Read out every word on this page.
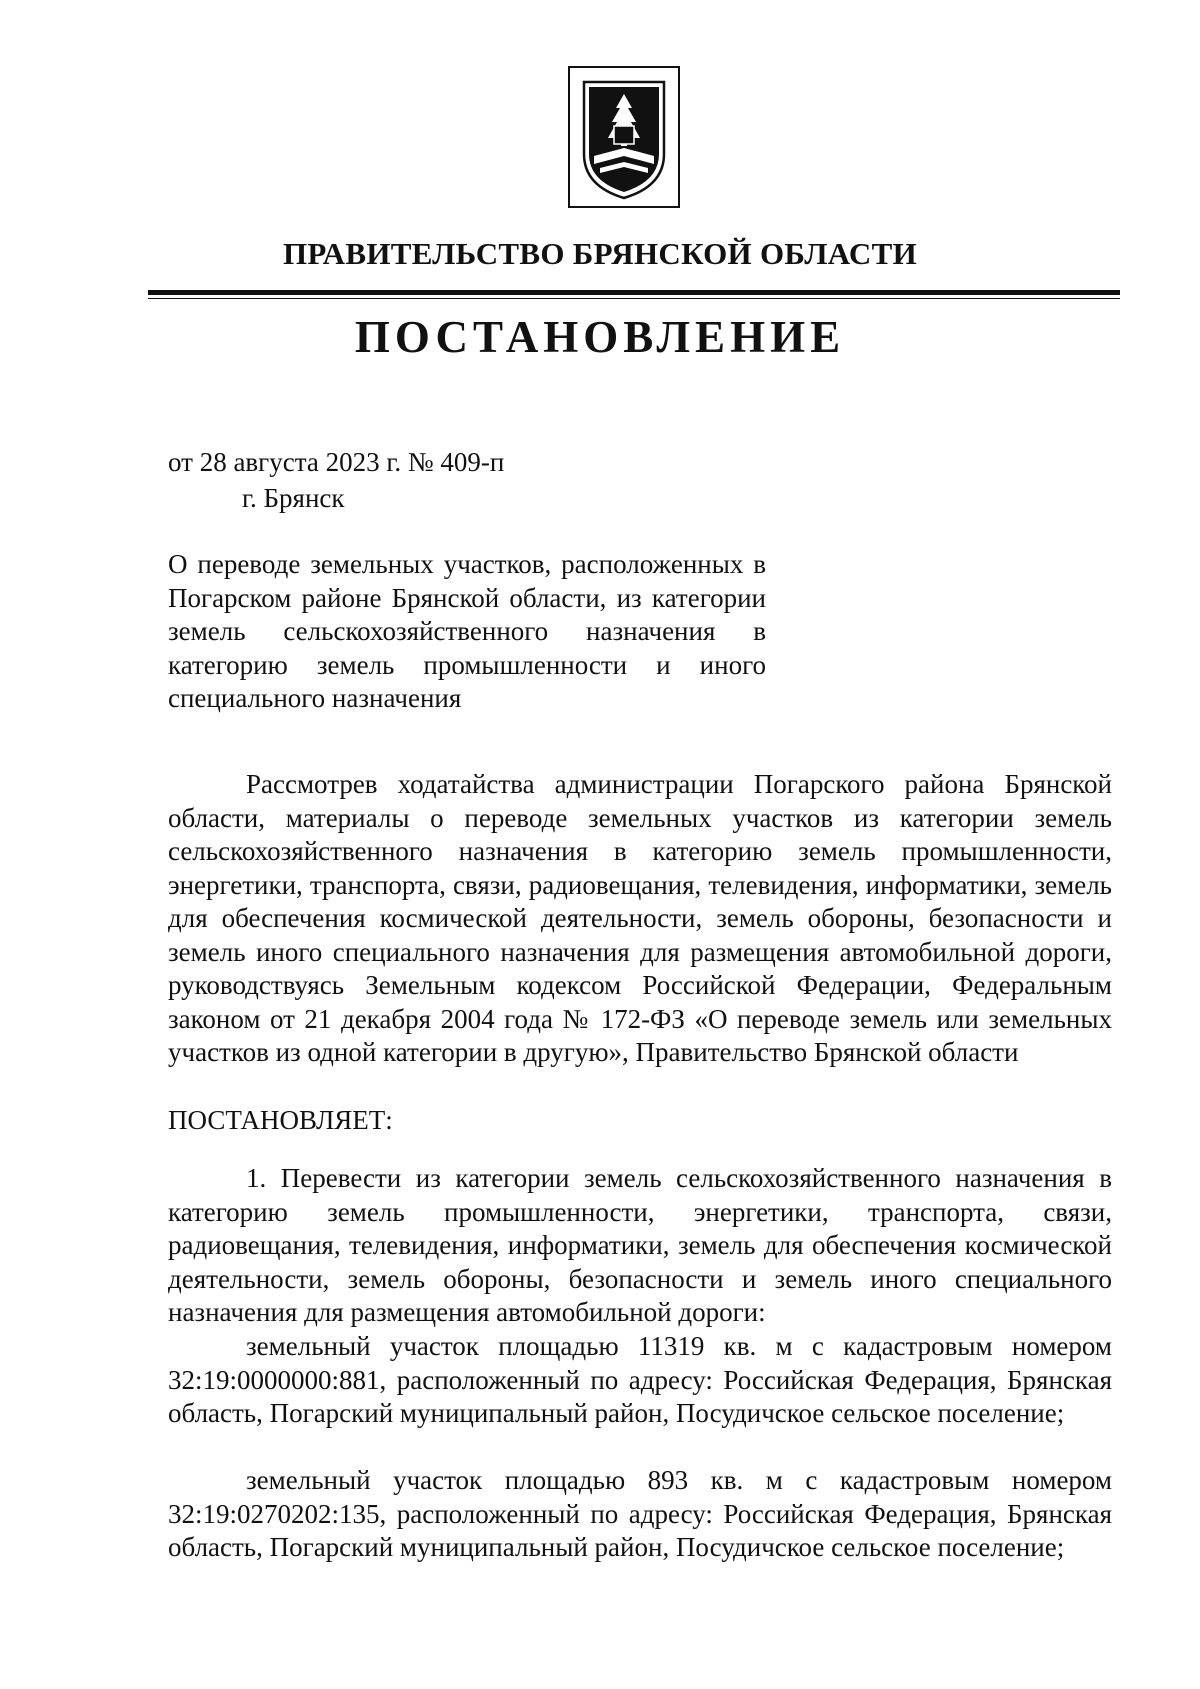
ПРАВИТЕЛЬСТВО БРЯНСКОЙ ОБЛАСТИ
ПОСТАНОВЛЕНИЕ
от 28 августа 2023 г. № 409-п
г. Брянск

О переводе земельных участков, расположенных в Погарском районе Брянской области, из категории земель сельскохозяйственного назначения в категорию земель промышленности и иного специального назначения

Рассмотрев ходатайства администрации Погарского района Брянской области, материалы о переводе земельных участков из категории земель сельскохозяйственного назначения в категорию земель промышленности, энергетики, транспорта, связи, радиовещания, телевидения, информатики, земель для обеспечения космической деятельности, земель обороны, безопасности и земель иного специального назначения для размещения автомобильной дороги, руководствуясь Земельным кодексом Российской Федерации, Федеральным законом от 21 декабря 2004 года № 172-ФЗ «О переводе земель или земельных участков из одной категории в другую», Правительство Брянской области

ПОСТАНОВЛЯЕТ:

1. Перевести из категории земель сельскохозяйственного назначения в категорию земель промышленности, энергетики, транспорта, связи, радиовещания, телевидения, информатики, земель для обеспечения космической деятельности, земель обороны, безопасности и земель иного специального назначения для размещения автомобильной дороги:

земельный участок площадью 11319 кв. м с кадастровым номером 32:19:0000000:881, расположенный по адресу: Российская Федерация, Брянская область, Погарский муниципальный район, Посудичское сельское поселение;

земельный участок площадью 893 кв. м с кадастровым номером 32:19:0270202:135, расположенный по адресу: Российская Федерация, Брянская область, Погарский муниципальный район, Посудичское сельское поселение;
